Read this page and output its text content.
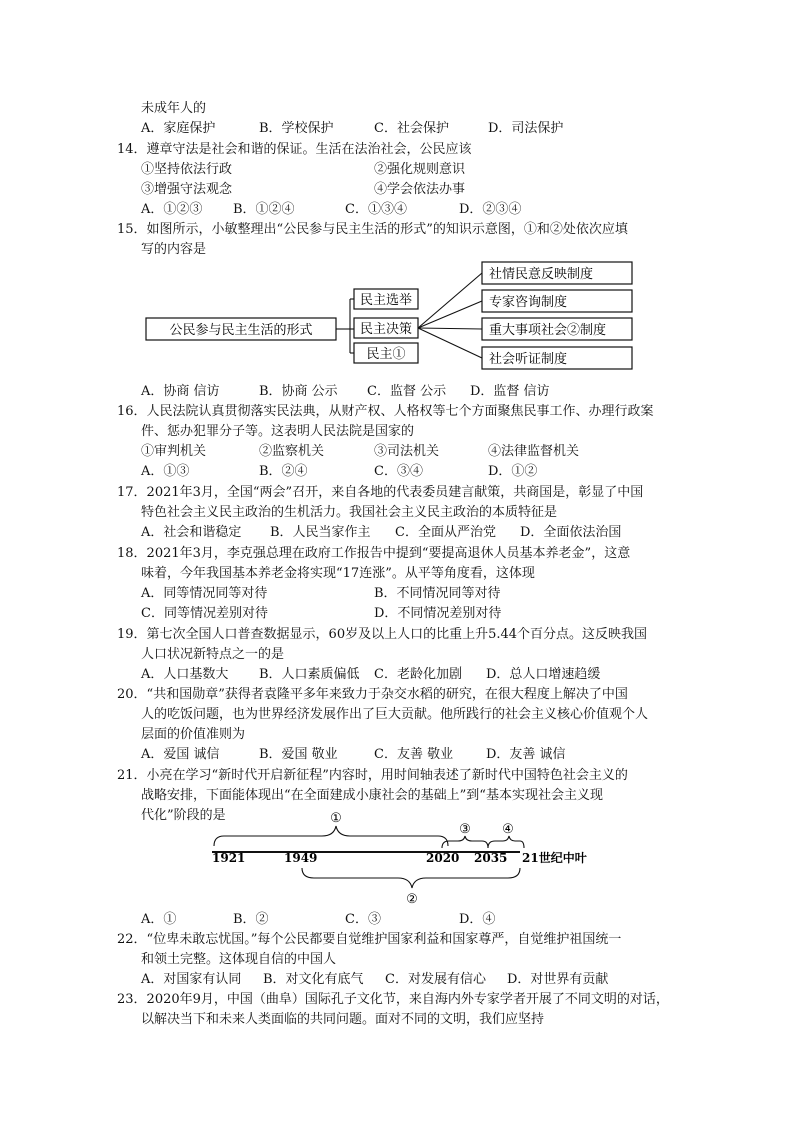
未成年人的
A．家庭保护	B．学校保护	C．社会保护	D．司法保护
14．遵章守法是社会和谐的保证。生活在法治社会，公民应该
①坚持依法行政	②强化规则意识
③增强守法观念	④学会依法办事
A．①②③ B．①②④	C．①③④	D．②③④
15．如图所示，小敏整理出“公民参与民主生活的形式”的知识示意图，①和②处依次应填
写的内容是
公民参与民主生活的形式
民主选举
民主决策
民主①
社情民意反映制度
专家咨询制度
重大事项社会②制度
社会听证制度
A．协商 信访	B．协商 公示 C．监督 公示 D．监督 信访
16．人民法院认真贯彻落实民法典，从财产权、人格权等七个方面聚焦民事工作、办理行政案
件、惩办犯罪分子等。这表明人民法院是国家的
①审判机关	②监察机关	③司法机关	④法律监督机关
A．①③	B．②④	C．③④	D．①②
17．2021年3月，全国“两会”召开，来自各地的代表委员建言献策，共商国是，彰显了中国
特色社会主义民主政治的生机活力。我国社会主义民主政治的本质特征是
A．社会和谐稳定 B．人民当家作主 C．全面从严治党 D．全面依法治国
18．2021年3月，李克强总理在政府工作报告中提到“要提高退休人员基本养老金”，这意
味着，今年我国基本养老金将实现“17连涨”。从平等角度看，这体现
A．同等情况同等对待	B．不同情况同等对待
C．同等情况差别对待	D．不同情况差别对待
19．第七次全国人口普查数据显示，60岁及以上人口的比重上升5.44个百分点。这反映我国
人口状况新特点之一的是
A．人口基数大 B．人口素质偏低 C．老龄化加剧 D．总人口增速趋缓
20．“共和国勋章”获得者袁隆平多年来致力于杂交水稻的研究，在很大程度上解决了中国
人的吃饭问题，也为世界经济发展作出了巨大贡献。他所践行的社会主义核心价值观个人
层面的价值准则为
A．爱国 诚信	B．爱国 敬业	C．友善 敬业	D．友善 诚信
21．小亮在学习“新时代开启新征程”内容时，用时间轴表述了新时代中国特色社会主义的
战略安排，下面能体现出“在全面建成小康社会的基础上”到“基本实现社会主义现
代化”阶段的是	①
③ ④
1921	1949	2020 2035 21世纪中叶
②
A．①	B．②	C．③	D．④
22．“位卑未敢忘忧国。”每个公民都要自觉维护国家利益和国家尊严，自觉维护祖国统一
和领土完整。这体现自信的中国人
A．对国家有认同 B．对文化有底气 C．对发展有信心 D．对世界有贡献
23．2020年9月，中国（曲阜）国际孔子文化节，来自海内外专家学者开展了不同文明的对话，
以解决当下和未来人类面临的共同问题。面对不同的文明，我们应坚持
